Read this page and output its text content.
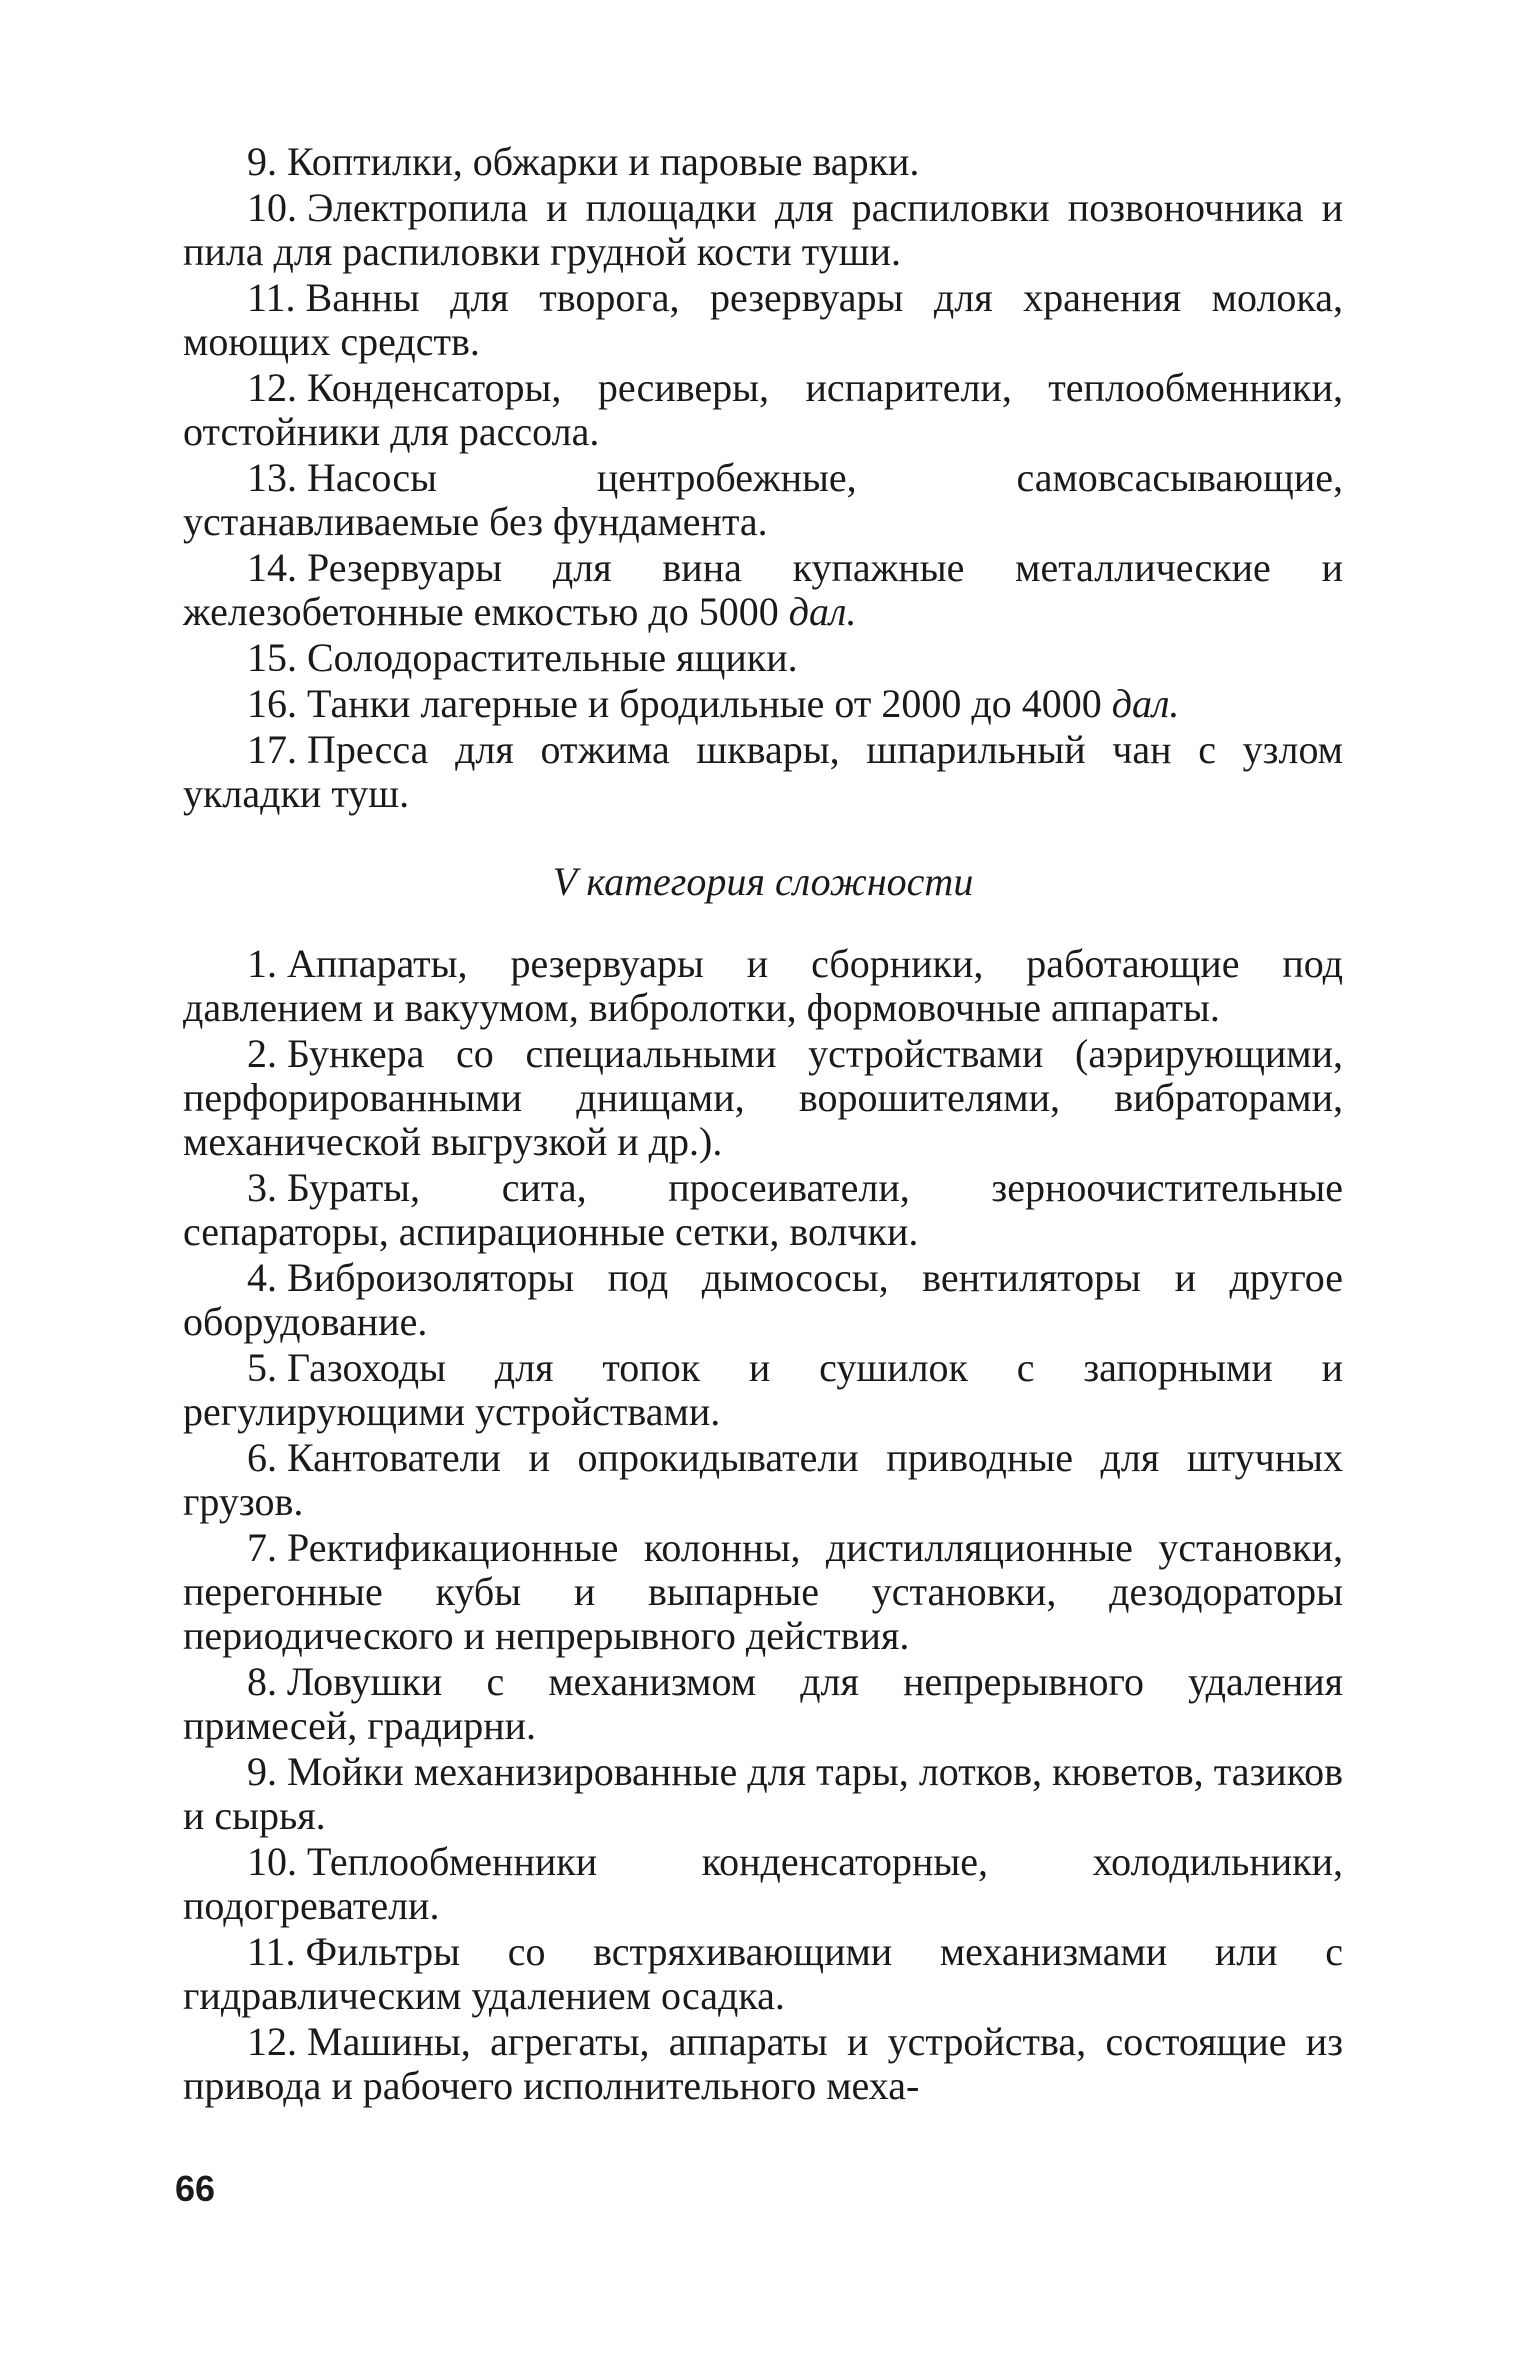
9. Коптилки, обжарки и паровые варки.

10. Электропила и площадки для распиловки позвоночника и пила для распиловки грудной кости туши.

11. Ванны для творога, резервуары для хранения молока, моющих средств.

12. Конденсаторы, ресиверы, испарители, теплообменники, отстойники для рассола.

13. Насосы центробежные, самовсасывающие, устанавливаемые без фундамента.

14. Резервуары для вина купажные металлические и железобетонные емкостью до 5000 дал.

15. Солодорастительные ящики.

16. Танки лагерные и бродильные от 2000 до 4000 дал.

17. Пресса для отжима шквары, шпарильный чан с узлом укладки туш.

V категория сложности

1. Аппараты, резервуары и сборники, работающие под давлением и вакуумом, вибролотки, формовочные аппараты.

2. Бункера со специальными устройствами (аэрирующими, перфорированными днищами, ворошителями, вибраторами, механической выгрузкой и др.).

3. Бураты, сита, просеиватели, зерноочистительные сепараторы, аспирационные сетки, волчки.

4. Виброизоляторы под дымососы, вентиляторы и другое оборудование.

5. Газоходы для топок и сушилок с запорными и регулирующими устройствами.

6. Кантователи и опрокидыватели приводные для штучных грузов.

7. Ректификационные колонны, дистилляционные установки, перегонные кубы и выпарные установки, дезодораторы периодического и непрерывного действия.

8. Ловушки с механизмом для непрерывного удаления примесей, градирни.

9. Мойки механизированные для тары, лотков, кюветов, тазиков и сырья.

10. Теплообменники конденсаторные, холодильники, подогреватели.

11. Фильтры со встряхивающими механизмами или с гидравлическим удалением осадка.

12. Машины, агрегаты, аппараты и устройства, состоящие из привода и рабочего исполнительного меха-

66
